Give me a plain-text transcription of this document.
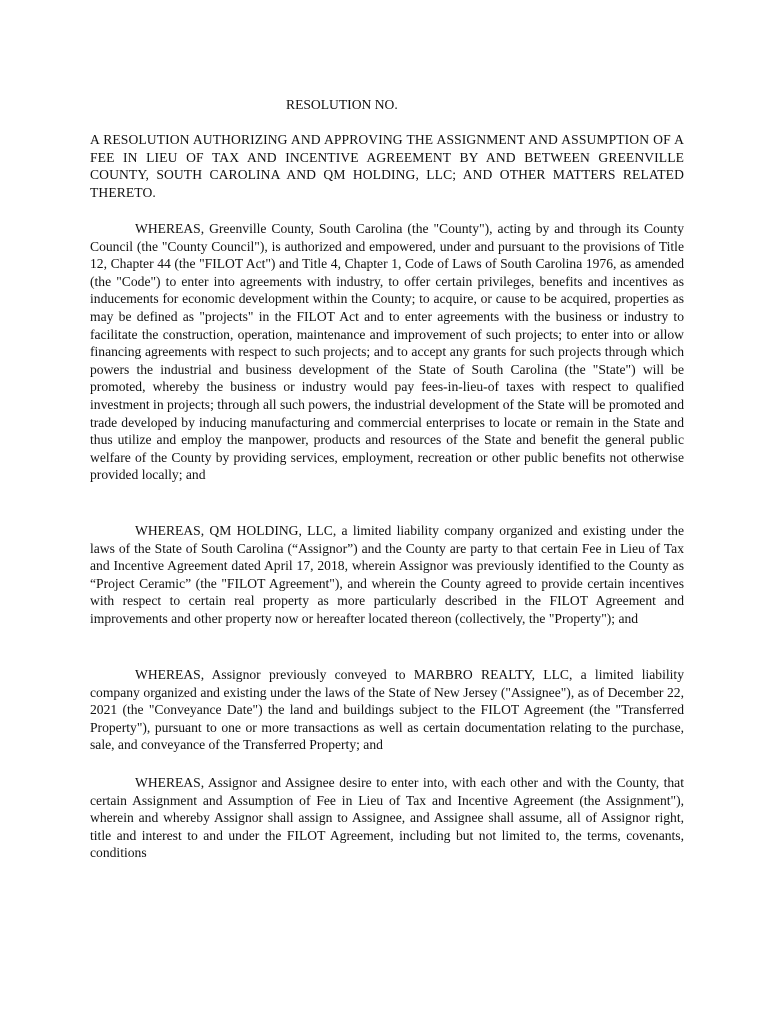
RESOLUTION NO.
A RESOLUTION AUTHORIZING AND APPROVING THE ASSIGNMENT AND ASSUMPTION OF A FEE IN LIEU OF TAX AND INCENTIVE AGREEMENT BY AND BETWEEN GREENVILLE COUNTY, SOUTH CAROLINA AND QM HOLDING, LLC; AND OTHER MATTERS RELATED THERETO.

WHEREAS, Greenville County, South Carolina (the "County"), acting by and through its County Council (the "County Council"), is authorized and empowered, under and pursuant to the provisions of Title 12, Chapter 44 (the "FILOT Act") and Title 4, Chapter 1, Code of Laws of South Carolina 1976, as amended (the "Code") to enter into agreements with industry, to offer certain privileges, benefits and incentives as inducements for economic development within the County; to acquire, or cause to be acquired, properties as may be defined as "projects" in the FILOT Act and to enter agreements with the business or industry to facilitate the construction, operation, maintenance and improvement of such projects; to enter into or allow financing agreements with respect to such projects; and to accept any grants for such projects through which powers the industrial and business development of the State of South Carolina (the "State") will be promoted, whereby the business or industry would pay fees-in-lieu-of taxes with respect to qualified investment in projects; through all such powers, the industrial development of the State will be promoted and trade developed by inducing manufacturing and commercial enterprises to locate or remain in the State and thus utilize and employ the manpower, products and resources of the State and benefit the general public welfare of the County by providing services, employment, recreation or other public benefits not otherwise provided locally; and

WHEREAS, QM HOLDING, LLC, a limited liability company organized and existing under the laws of the State of South Carolina (“Assignor”) and the County are party to that certain Fee in Lieu of Tax and Incentive Agreement dated April 17, 2018, wherein Assignor was previously identified to the County as “Project Ceramic” (the "FILOT Agreement"), and wherein the County agreed to provide certain incentives with respect to certain real property as more particularly described in the FILOT Agreement and improvements and other property now or hereafter located thereon (collectively, the "Property"); and

WHEREAS, Assignor previously conveyed to MARBRO REALTY, LLC, a limited liability company organized and existing under the laws of the State of New Jersey ("Assignee"), as of December 22, 2021 (the "Conveyance Date") the land and buildings subject to the FILOT Agreement (the "Transferred Property"), pursuant to one or more transactions as well as certain documentation relating to the purchase, sale, and conveyance of the Transferred Property; and

WHEREAS, Assignor and Assignee desire to enter into, with each other and with the County, that certain Assignment and Assumption of Fee in Lieu of Tax and Incentive Agreement (the Assignment"), wherein and whereby Assignor shall assign to Assignee, and Assignee shall assume, all of Assignor right, title and interest to and under the FILOT Agreement, including but not limited to, the terms, covenants, conditions
